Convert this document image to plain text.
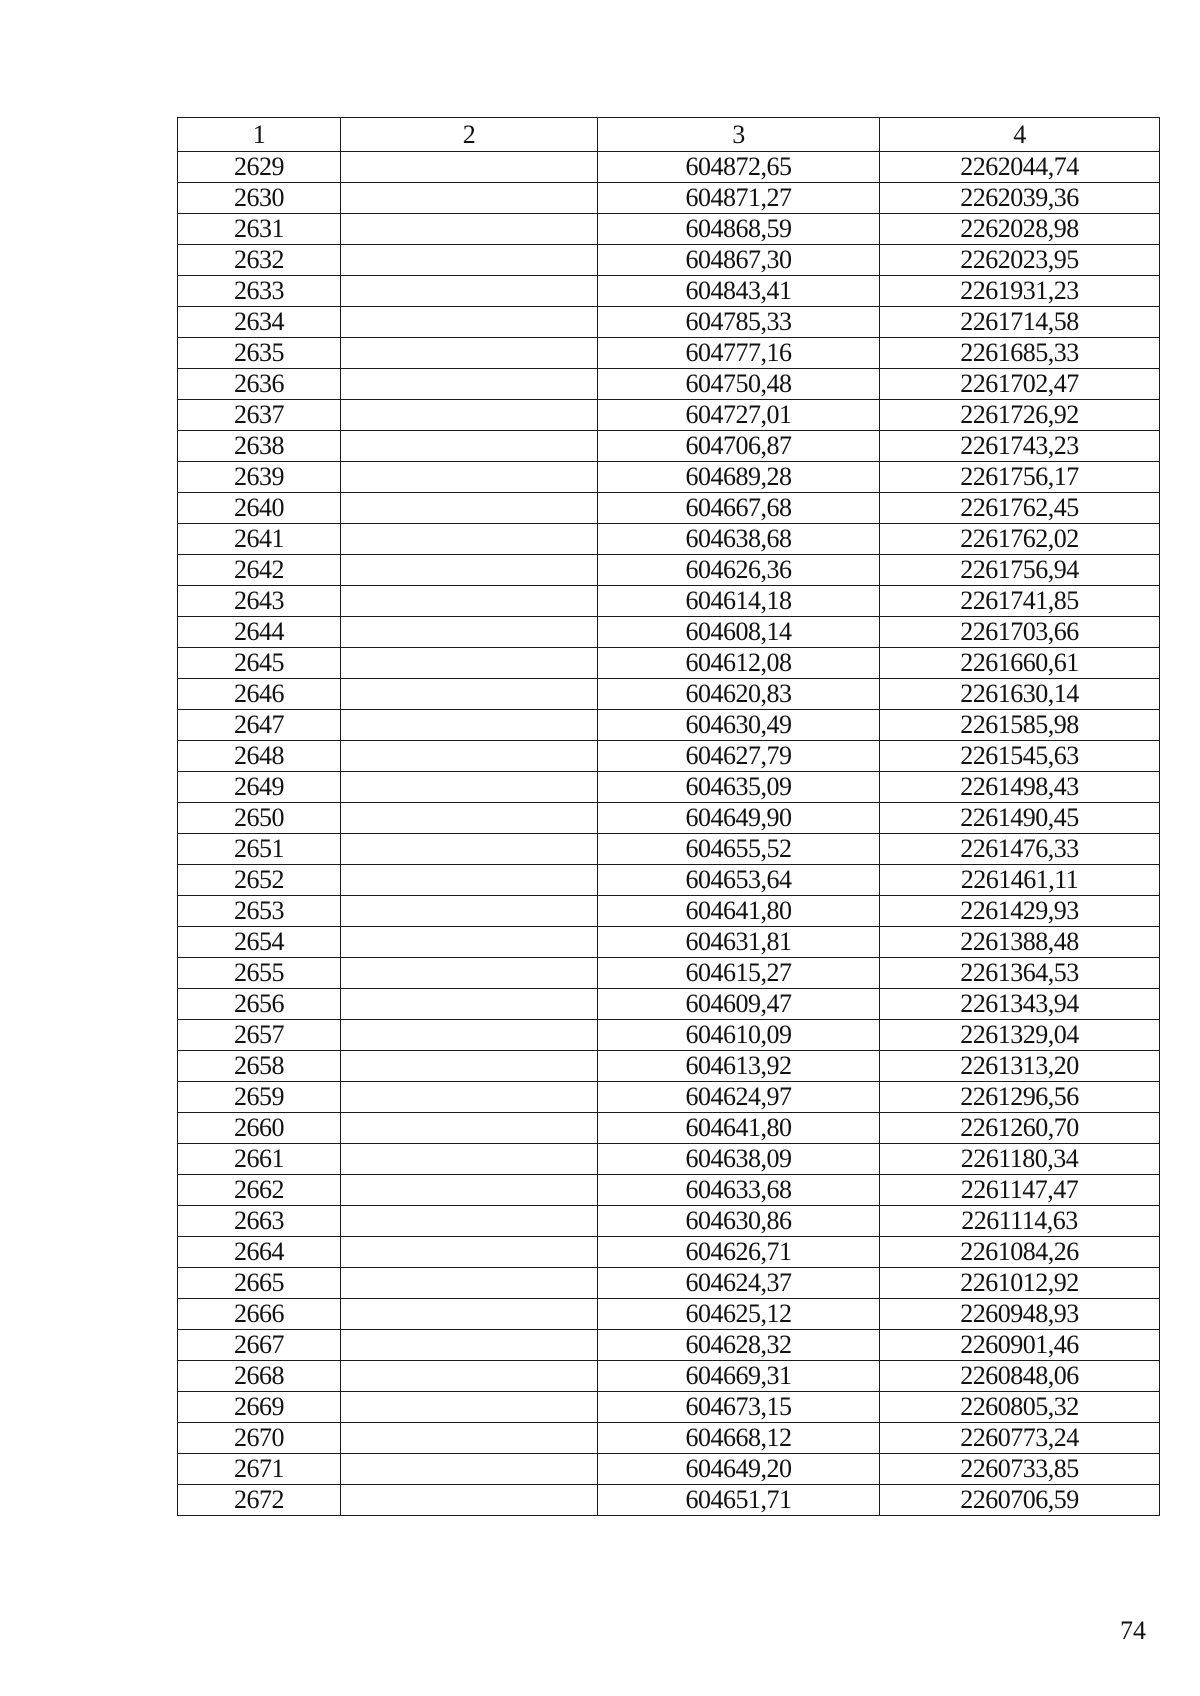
1	2	3	4
2629		604872,65	2262044,74
2630		604871,27	2262039,36
2631		604868,59	2262028,98
2632		604867,30	2262023,95
2633		604843,41	2261931,23
2634		604785,33	2261714,58
2635		604777,16	2261685,33
2636		604750,48	2261702,47
2637		604727,01	2261726,92
2638		604706,87	2261743,23
2639		604689,28	2261756,17
2640		604667,68	2261762,45
2641		604638,68	2261762,02
2642		604626,36	2261756,94
2643		604614,18	2261741,85
2644		604608,14	2261703,66
2645		604612,08	2261660,61
2646		604620,83	2261630,14
2647		604630,49	2261585,98
2648		604627,79	2261545,63
2649		604635,09	2261498,43
2650		604649,90	2261490,45
2651		604655,52	2261476,33
2652		604653,64	2261461,11
2653		604641,80	2261429,93
2654		604631,81	2261388,48
2655		604615,27	2261364,53
2656		604609,47	2261343,94
2657		604610,09	2261329,04
2658		604613,92	2261313,20
2659		604624,97	2261296,56
2660		604641,80	2261260,70
2661		604638,09	2261180,34
2662		604633,68	2261147,47
2663		604630,86	2261114,63
2664		604626,71	2261084,26
2665		604624,37	2261012,92
2666		604625,12	2260948,93
2667		604628,32	2260901,46
2668		604669,31	2260848,06
2669		604673,15	2260805,32
2670		604668,12	2260773,24
2671		604649,20	2260733,85
2672		604651,71	2260706,59
74
